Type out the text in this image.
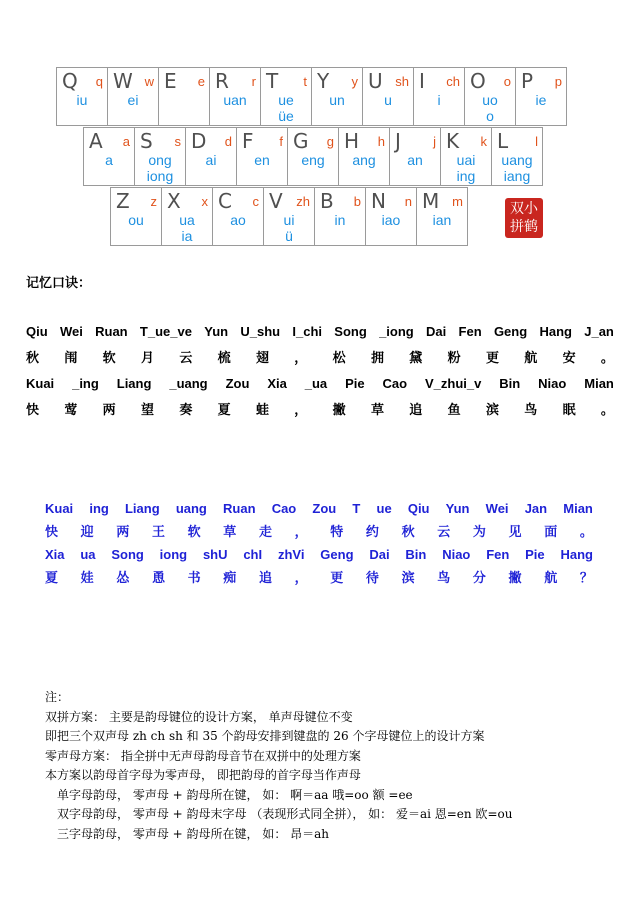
Q q
iu
W w
ei
E e R r
uan
T t
ue
üe
Y y
un
U sh
u
I ch
i
O o
uo
o
P p
ie
A a
a
S s
ong
iong
D d
ai
F f
en
G g
eng
H h
ang
J j
an
K k
uai
ing
L l
uang
iang
Z z
ou
X x
ua
ia
C c
ao
V zh
ui
ü
B b
in
N n
iao
M m
ian
双小拼鹤
记忆口诀：
Qiu Wei Ruan T_ue_ve Yun U_shu I_chi Song _iong Dai Fen Geng Hang J_an
秋 闱 软 月 云 梳 翅 ， 松 拥 黛 粉 更 航 安 。
Kuai _ing Liang _uang Zou Xia _ua Pie Cao V_zhui_v Bin Niao Mian
快 莺 两 望 奏 夏 蛙 ， 撇 草 追 鱼 滨 鸟 眠 。
Kuai ing Liang uang Ruan Cao Zou T ue Qiu Yun Wei Jan Mian
快 迎 两 王 软 草 走 ， 特 约 秋 云 为 见 面 。
Xia ua Song iong shU chI zhVi Geng Dai Bin Niao Fen Pie Hang
夏 娃 怂 恿 书 痴 追 ， 更 待 滨 鸟 分 撇 航 ？
注：
双拼方案： 主要是韵母键位的设计方案， 单声母键位不变
即把三个双声母 zh ch sh 和 35 个韵母安排到键盘的 26 个字母键位上的设计方案
零声母方案： 指全拼中无声母韵母音节在双拼中的处理方案
本方案以韵母首字母为零声母， 即把韵母的首字母当作声母
单字母韵母， 零声母 + 韵母所在键， 如： 啊＝aa 哦=oo 额 =ee
双字母韵母， 零声母 + 韵母末字母 （表现形式同全拼）， 如： 爱＝ai 恩=en 欧=ou
三字母韵母， 零声母 + 韵母所在键， 如： 昂＝ah
